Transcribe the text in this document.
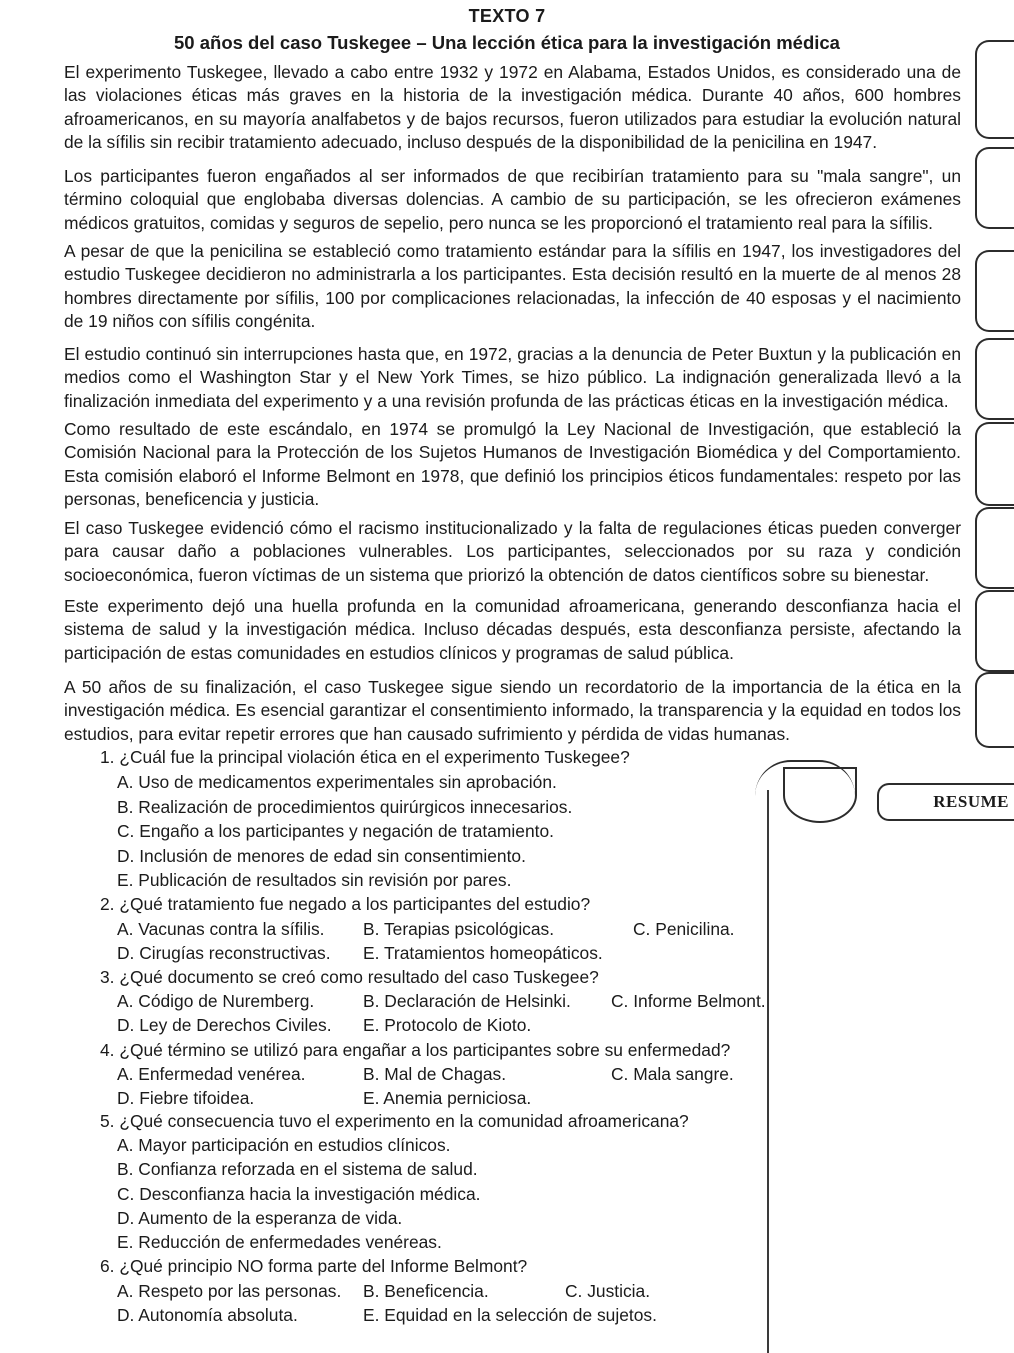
TEXTO 7
50 años del caso Tuskegee – Una lección ética para la investigación médica

El experimento Tuskegee, llevado a cabo entre 1932 y 1972 en Alabama, Estados Unidos, es considerado una de las violaciones éticas más graves en la historia de la investigación médica. Durante 40 años, 600 hombres afroamericanos, en su mayoría analfabetos y de bajos recursos, fueron utilizados para estudiar la evolución natural de la sífilis sin recibir tratamiento adecuado, incluso después de la disponibilidad de la penicilina en 1947.

Los participantes fueron engañados al ser informados de que recibirían tratamiento para su "mala sangre", un término coloquial que englobaba diversas dolencias. A cambio de su participación, se les ofrecieron exámenes médicos gratuitos, comidas y seguros de sepelio, pero nunca se les proporcionó el tratamiento real para la sífilis.

A pesar de que la penicilina se estableció como tratamiento estándar para la sífilis en 1947, los investigadores del estudio Tuskegee decidieron no administrarla a los participantes. Esta decisión resultó en la muerte de al menos 28 hombres directamente por sífilis, 100 por complicaciones relacionadas, la infección de 40 esposas y el nacimiento de 19 niños con sífilis congénita.

El estudio continuó sin interrupciones hasta que, en 1972, gracias a la denuncia de Peter Buxtun y la publicación en medios como el Washington Star y el New York Times, se hizo público. La indignación generalizada llevó a la finalización inmediata del experimento y a una revisión profunda de las prácticas éticas en la investigación médica.

Como resultado de este escándalo, en 1974 se promulgó la Ley Nacional de Investigación, que estableció la Comisión Nacional para la Protección de los Sujetos Humanos de Investigación Biomédica y del Comportamiento. Esta comisión elaboró el Informe Belmont en 1978, que definió los principios éticos fundamentales: respeto por las personas, beneficencia y justicia.

El caso Tuskegee evidenció cómo el racismo institucionalizado y la falta de regulaciones éticas pueden converger para causar daño a poblaciones vulnerables. Los participantes, seleccionados por su raza y condición socioeconómica, fueron víctimas de un sistema que priorizó la obtención de datos científicos sobre su bienestar.

Este experimento dejó una huella profunda en la comunidad afroamericana, generando desconfianza hacia el sistema de salud y la investigación médica. Incluso décadas después, esta desconfianza persiste, afectando la participación de estas comunidades en estudios clínicos y programas de salud pública.

A 50 años de su finalización, el caso Tuskegee sigue siendo un recordatorio de la importancia de la ética en la investigación médica. Es esencial garantizar el consentimiento informado, la transparencia y la equidad en todos los estudios, para evitar repetir errores que han causado sufrimiento y pérdida de vidas humanas.

1. ¿Cuál fue la principal violación ética en el experimento Tuskegee?
A. Uso de medicamentos experimentales sin aprobación.
B. Realización de procedimientos quirúrgicos innecesarios.
C. Engaño a los participantes y negación de tratamiento.
D. Inclusión de menores de edad sin consentimiento.
E. Publicación de resultados sin revisión por pares.
2. ¿Qué tratamiento fue negado a los participantes del estudio?
A. Vacunas contra la sífilis. B. Terapias psicológicas.	C. Penicilina.
D. Cirugías reconstructivas. E. Tratamientos homeopáticos.
3. ¿Qué documento se creó como resultado del caso Tuskegee?
A. Código de Nuremberg.	B. Declaración de Helsinki. C. Informe Belmont.
D. Ley de Derechos Civiles. E. Protocolo de Kioto.
4. ¿Qué término se utilizó para engañar a los participantes sobre su enfermedad?
A. Enfermedad venérea.	B. Mal de Chagas.	C. Mala sangre.
D. Fiebre tifoidea.	E. Anemia perniciosa.
5. ¿Qué consecuencia tuvo el experimento en la comunidad afroamericana?
A. Mayor participación en estudios clínicos.
B. Confianza reforzada en el sistema de salud.
C. Desconfianza hacia la investigación médica.
D. Aumento de la esperanza de vida.
E. Reducción de enfermedades venéreas.
6. ¿Qué principio NO forma parte del Informe Belmont?
A. Respeto por las personas. B. Beneficencia.	C. Justicia.
D. Autonomía absoluta.	E. Equidad en la selección de sujetos.
RESUME
